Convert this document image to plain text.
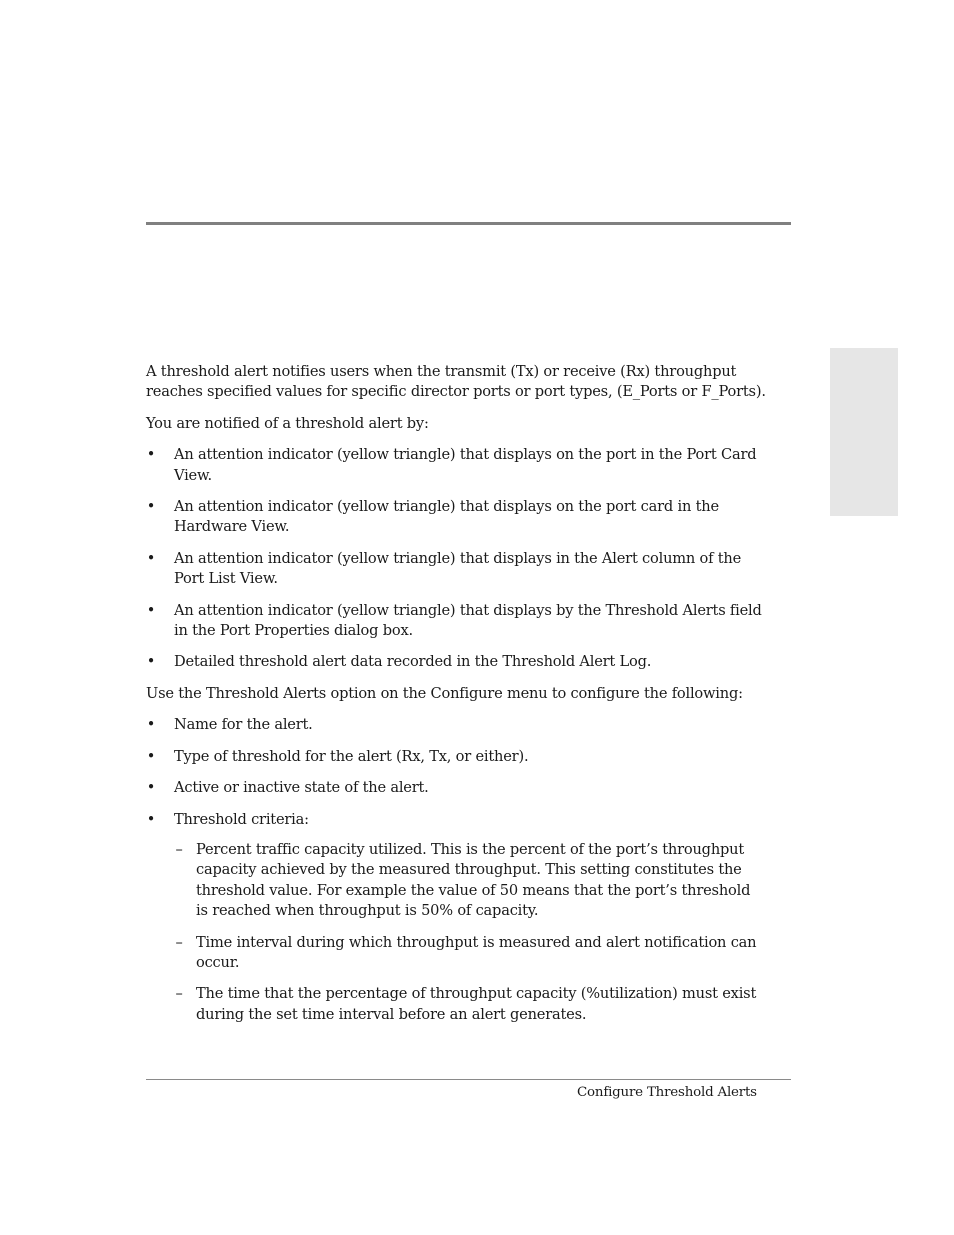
A threshold alert notifies users when the transmit (Tx) or receive (Rx) throughput reaches specified values for specific director ports or port types, (E_Ports or F_Ports).

You are notified of a threshold alert by:

• An attention indicator (yellow triangle) that displays on the port in the Port Card View.
• An attention indicator (yellow triangle) that displays on the port card in the Hardware View.
• An attention indicator (yellow triangle) that displays in the Alert column of the Port List View.
• An attention indicator (yellow triangle) that displays by the Threshold Alerts field in the Port Properties dialog box.
• Detailed threshold alert data recorded in the Threshold Alert Log.

Use the Threshold Alerts option on the Configure menu to configure the following:

• Name for the alert.
• Type of threshold for the alert (Rx, Tx, or either).
• Active or inactive state of the alert.
• Threshold criteria:
– Percent traffic capacity utilized. This is the percent of the port’s throughput capacity achieved by the measured throughput. This setting constitutes the threshold value. For example the value of 50 means that the port’s threshold is reached when throughput is 50% of capacity.
– Time interval during which throughput is measured and alert notification can occur.
– The time that the percentage of throughput capacity (%utilization) must exist during the set time interval before an alert generates.
Configure Threshold Alerts
